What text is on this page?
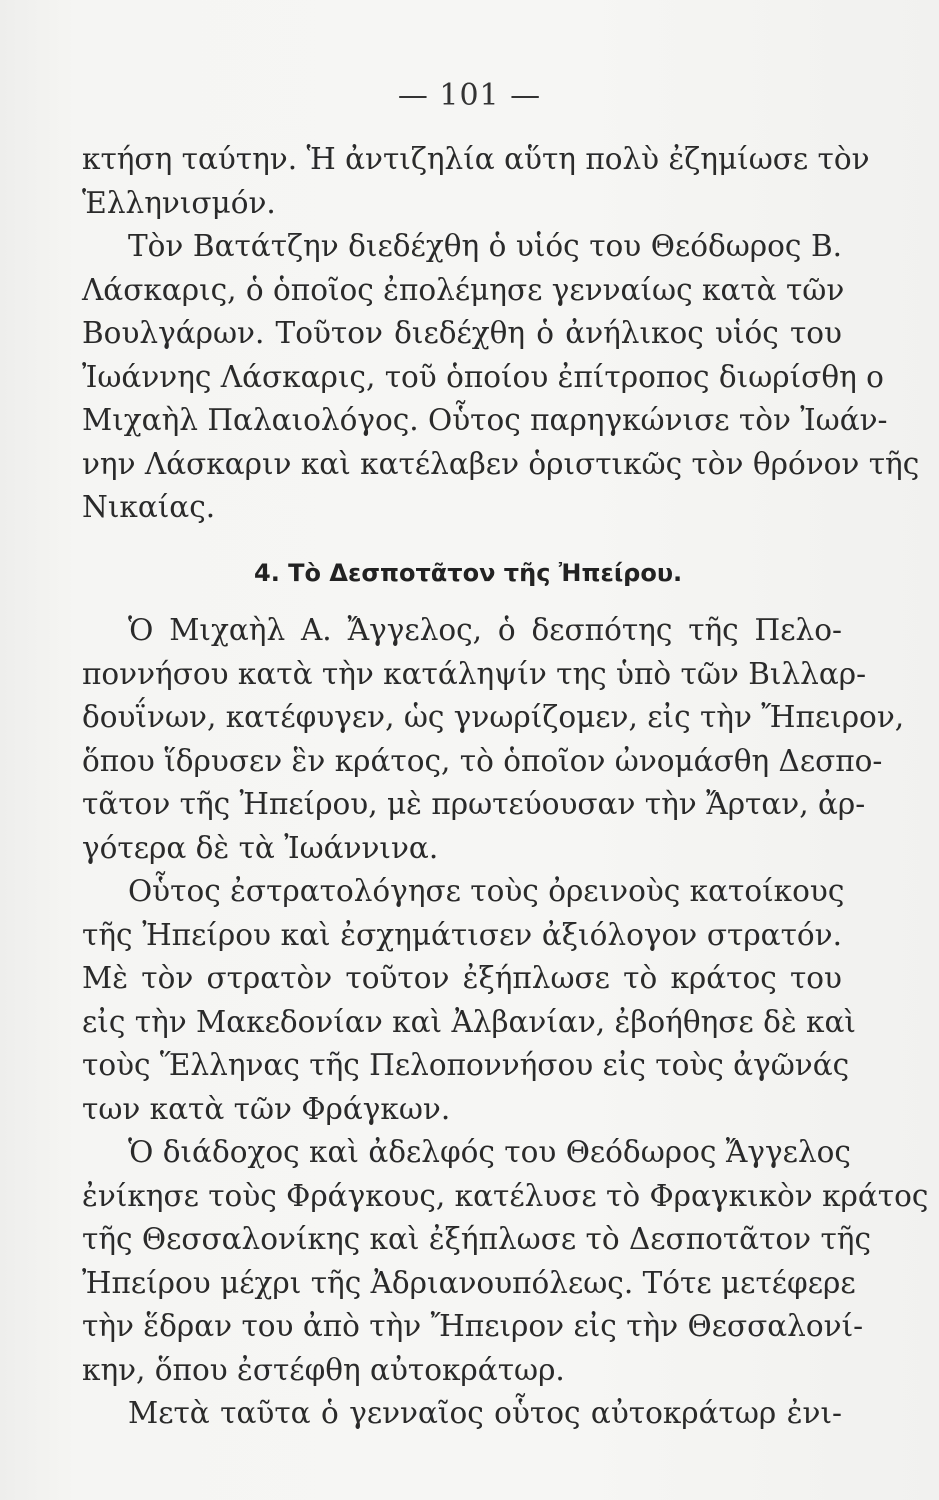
— 101 —
κτήση ταύτην. Ἡ ἀντιζηλία αὕτη πολὺ ἐζημίωσε τὸν
Ἑλληνισμόν.
Τὸν Βατάτζην διεδέχθη ὁ υἱός του Θεόδωρος Β.
Λάσκαρις, ὁ ὁποῖος ἐπολέμησε γενναίως κατὰ τῶν
Βουλγάρων. Τοῦτον διεδέχθη ὁ ἀνήλικος υἱός του
Ἰωάννης Λάσκαρις, τοῦ ὁποίου ἐπίτροπος διωρίσθη ο
Μιχαὴλ Παλαιολόγος. Οὗτος παρηγκώνισε τὸν Ἰωάν-
νην Λάσκαριν καὶ κατέλαβεν ὁριστικῶς τὸν θρόνον τῆς
Νικαίας.
4. Τὸ Δεσποτᾶτον τῆς Ἠπείρου.
Ὁ Μιχαὴλ Α. Ἄγγελος, ὁ δεσπότης τῆς Πελο-
ποννήσου κατὰ τὴν κατάληψίν της ὑπὸ τῶν Βιλλαρ-
δουΐνων, κατέφυγεν, ὡς γνωρίζομεν, εἰς τὴν Ἤπειρον,
ὅπου ἵδρυσεν ἓν κράτος, τὸ ὁποῖον ὠνομάσθη Δεσπο-
τᾶτον τῆς Ἠπείρου, μὲ πρωτεύουσαν τὴν Ἄρταν, ἀρ-
γότερα δὲ τὰ Ἰωάννινα.
Οὗτος ἐστρατολόγησε τοὺς ὀρεινοὺς κατοίκους
τῆς Ἠπείρου καὶ ἐσχημάτισεν ἀξιόλογον στρατόν.
Μὲ τὸν στρατὸν τοῦτον ἐξήπλωσε τὸ κράτος του
εἰς τὴν Μακεδονίαν καὶ Ἀλβανίαν, ἐβοήθησε δὲ καὶ
τοὺς Ἕλληνας τῆς Πελοποννήσου εἰς τοὺς ἀγῶνάς
των κατὰ τῶν Φράγκων.
Ὁ διάδοχος καὶ ἀδελφός του Θεόδωρος Ἄγγελος
ἐνίκησε τοὺς Φράγκους, κατέλυσε τὸ Φραγκικὸν κράτος
τῆς Θεσσαλονίκης καὶ ἐξήπλωσε τὸ Δεσποτᾶτον τῆς
Ἠπείρου μέχρι τῆς Ἀδριανουπόλεως. Τότε μετέφερε
τὴν ἕδραν του ἀπὸ τὴν Ἤπειρον εἰς τὴν Θεσσαλονί-
κην, ὅπου ἐστέφθη αὐτοκράτωρ.
Μετὰ ταῦτα ὁ γενναῖος οὗτος αὐτοκράτωρ ἐνι-
